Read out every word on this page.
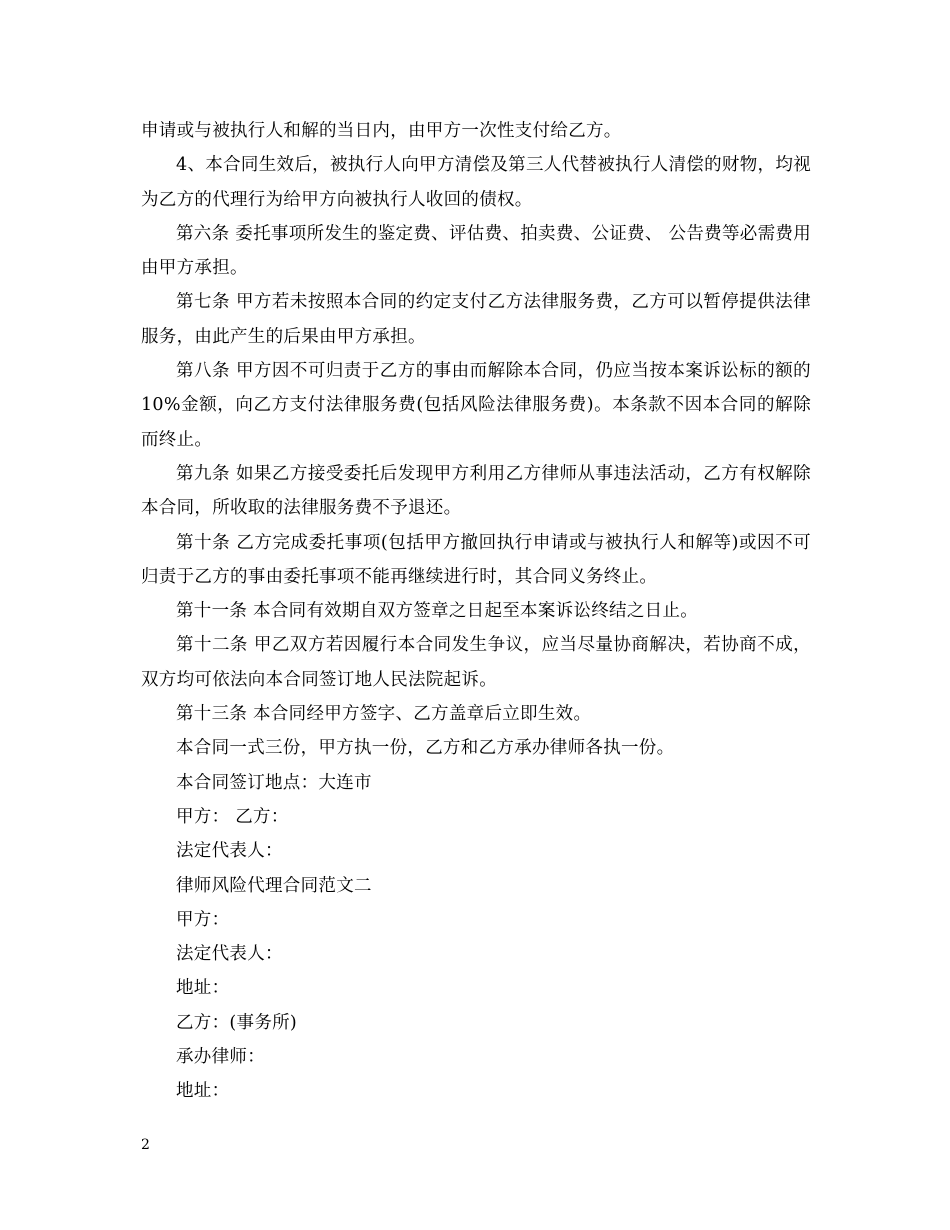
申请或与被执行人和解的当日内，由甲方一次性支付给乙方。

4、本合同生效后，被执行人向甲方清偿及第三人代替被执行人清偿的财物，均视为乙方的代理行为给甲方向被执行人收回的债权。

第六条 委托事项所发生的鉴定费、评估费、拍卖费、公证费、 公告费等必需费用由甲方承担。

第七条 甲方若未按照本合同的约定支付乙方法律服务费，乙方可以暂停提供法律服务，由此产生的后果由甲方承担。

第八条 甲方因不可归责于乙方的事由而解除本合同，仍应当按本案诉讼标的额的10%金额，向乙方支付法律服务费(包括风险法律服务费)。本条款不因本合同的解除而终止。

第九条 如果乙方接受委托后发现甲方利用乙方律师从事违法活动，乙方有权解除本合同，所收取的法律服务费不予退还。

第十条 乙方完成委托事项(包括甲方撤回执行申请或与被执行人和解等)或因不可归责于乙方的事由委托事项不能再继续进行时，其合同义务终止。

第十一条 本合同有效期自双方签章之日起至本案诉讼终结之日止。

第十二条 甲乙双方若因履行本合同发生争议，应当尽量协商解决，若协商不成，双方均可依法向本合同签订地人民法院起诉。

第十三条 本合同经甲方签字、乙方盖章后立即生效。

本合同一式三份，甲方执一份，乙方和乙方承办律师各执一份。

本合同签订地点：大连市

甲方： 乙方：

法定代表人：

律师风险代理合同范文二

甲方：

法定代表人：

地址：

乙方：(事务所)

承办律师：

地址：

2
